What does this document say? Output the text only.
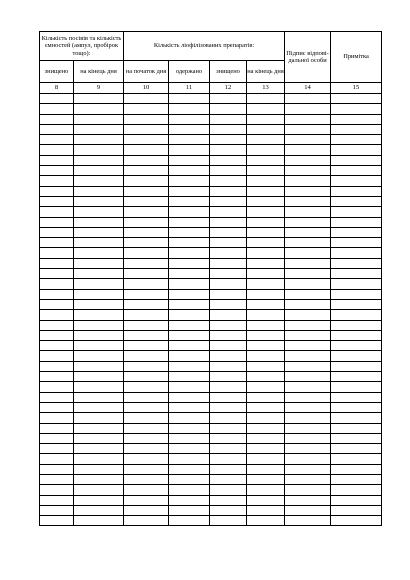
Кількість посівів та кількість ємностей (ампул, пробірок тощо):		Кількість ліофілізованих препаратів:				Підпис відпові-дальної особи	Примітка

знищено	на кінець дня	на початок дня	одержано	знищено	на кінець дня		
8	9	10	11	12	13	14	15
